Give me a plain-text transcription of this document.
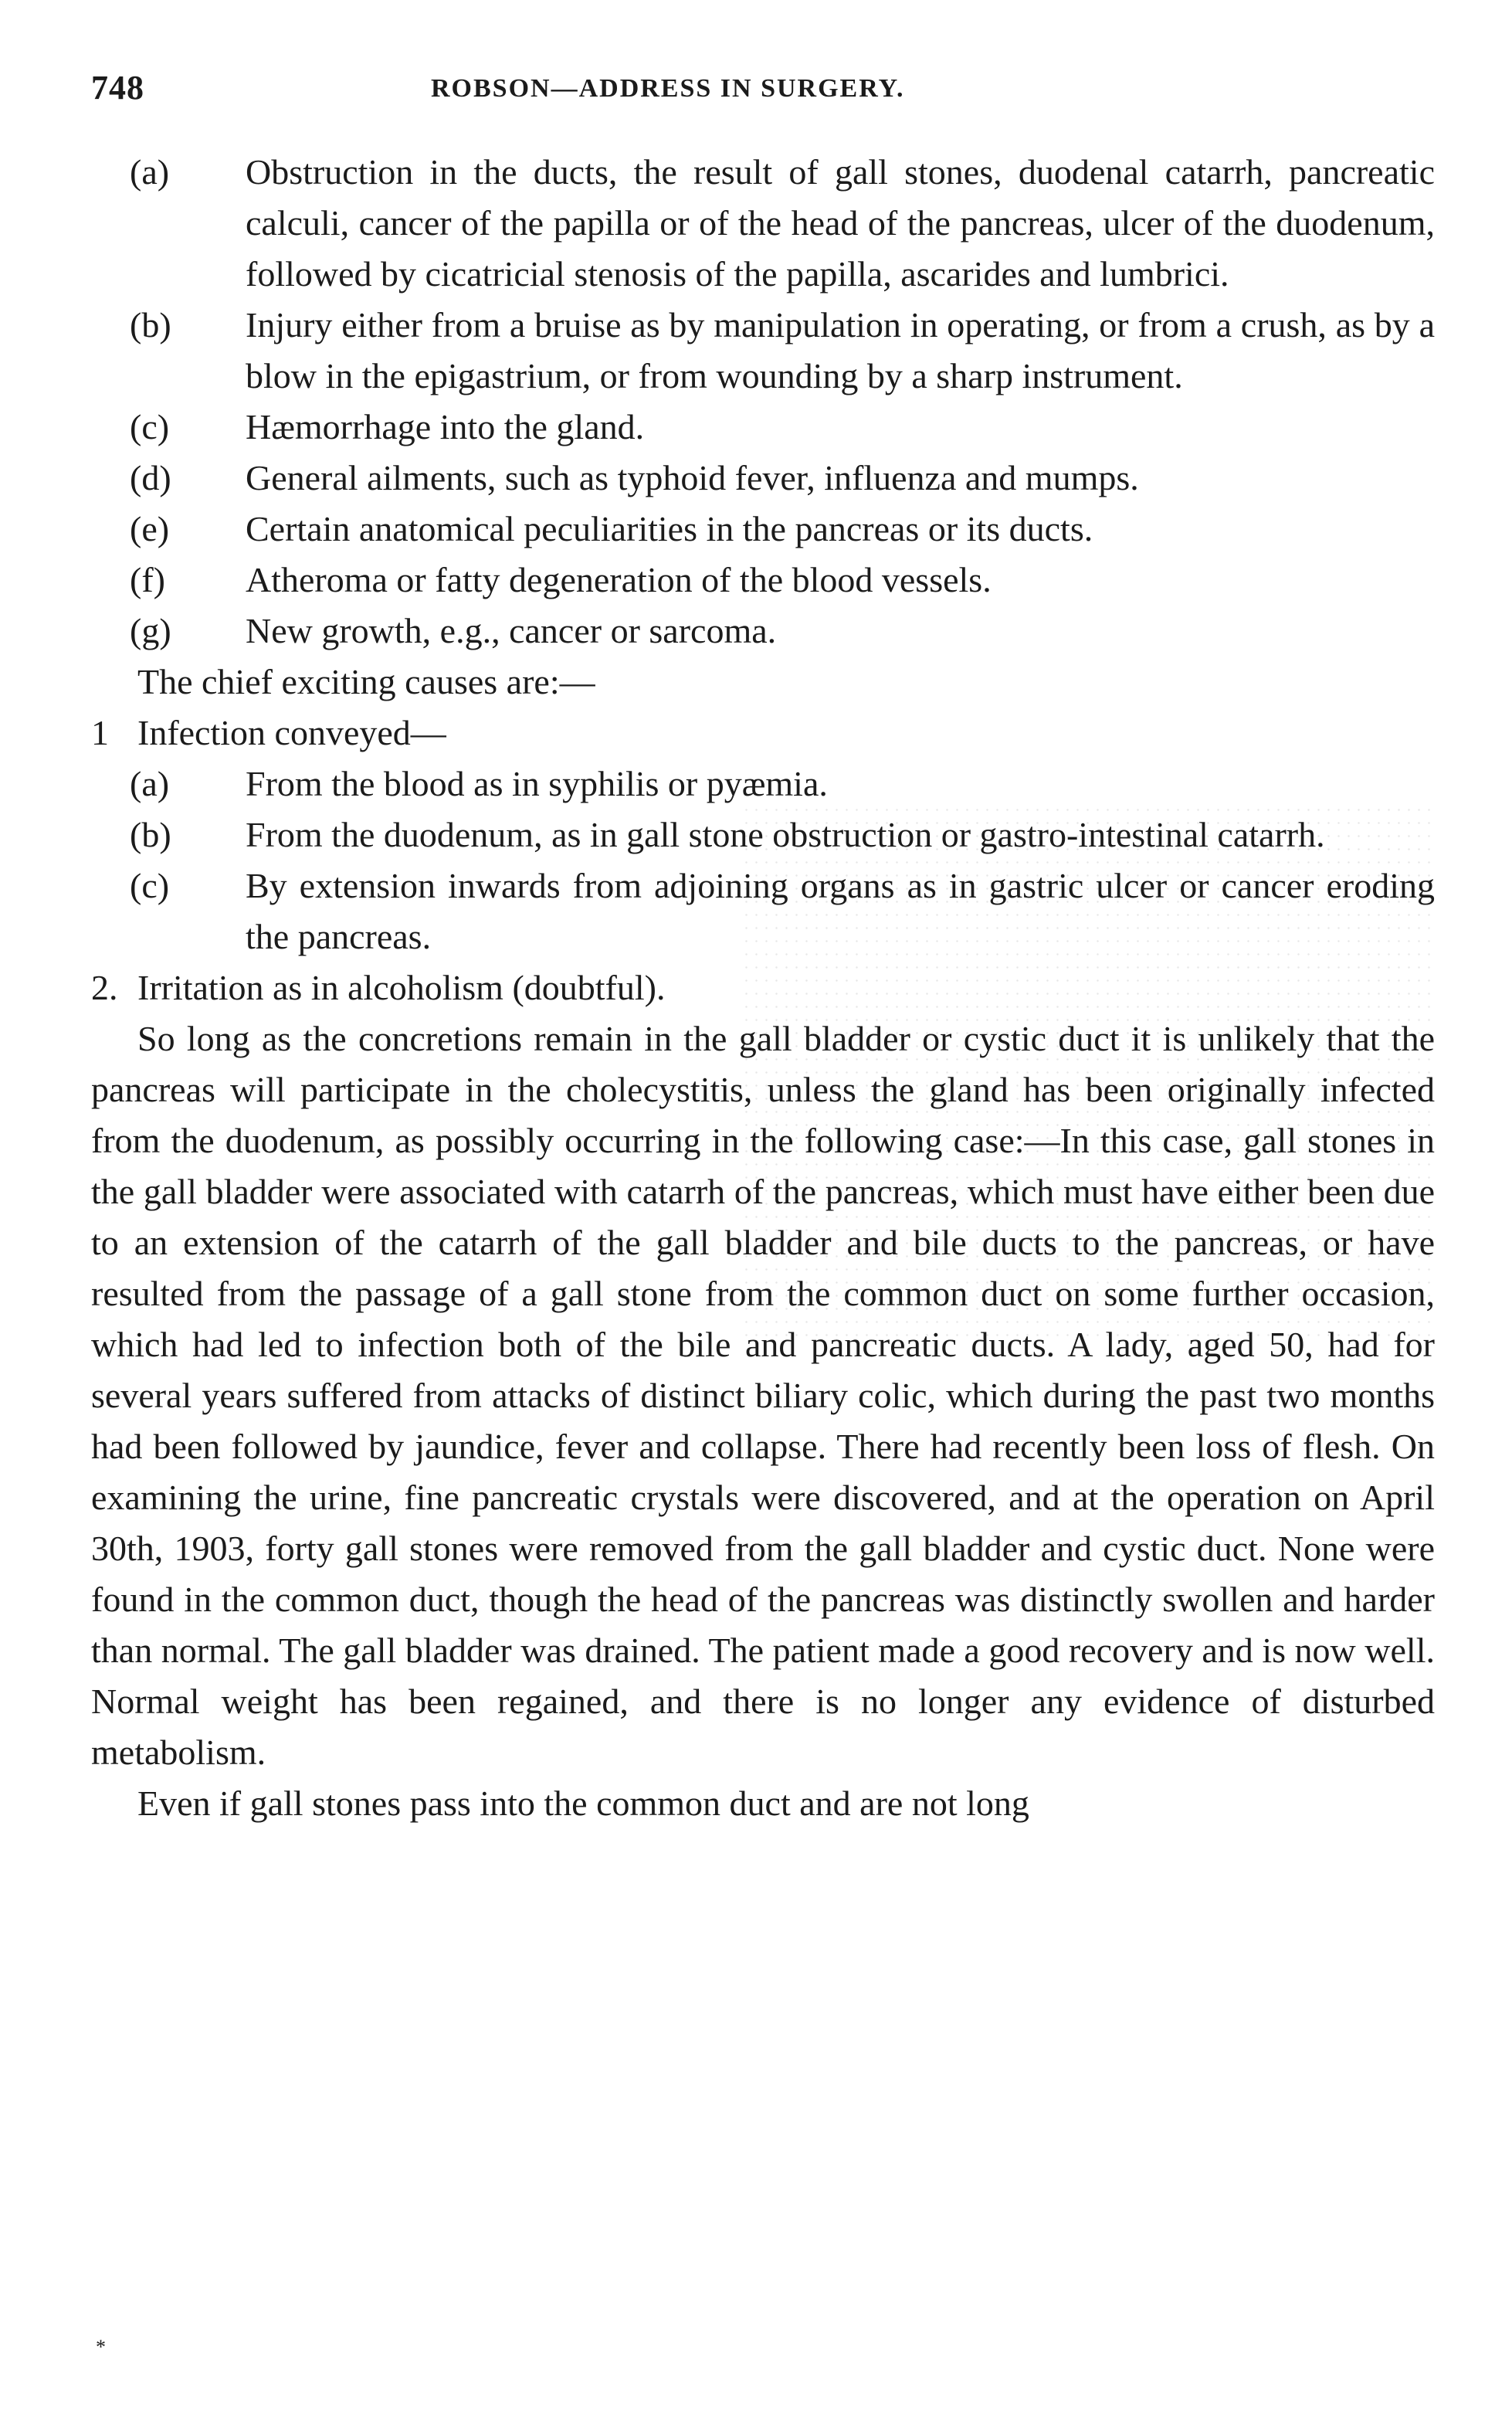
748	ROBSON—ADDRESS IN SURGERY.
(a) Obstruction in the ducts, the result of gall stones, duodenal catarrh, pancreatic calculi, cancer of the papilla or of the head of the pancreas, ulcer of the duodenum, followed by cicatricial stenosis of the papilla, ascarides and lumbrici.
(b) Injury either from a bruise as by manipulation in operating, or from a crush, as by a blow in the epigastrium, or from wounding by a sharp instrument.
(c) Hæmorrhage into the gland.
(d) General ailments, such as typhoid fever, influenza and mumps.
(e) Certain anatomical peculiarities in the pancreas or its ducts.
(f) Atheroma or fatty degeneration of the blood vessels.
(g) New growth, e.g., cancer or sarcoma.
The chief exciting causes are:—
1 Infection conveyed—
(a) From the blood as in syphilis or pyæmia.
(b) From the duodenum, as in gall stone obstruction or gastro-intestinal catarrh.
(c) By extension inwards from adjoining organs as in gastric ulcer or cancer eroding the pancreas.
2. Irritation as in alcoholism (doubtful).

So long as the concretions remain in the gall bladder or cystic duct it is unlikely that the pancreas will participate in the cholecystitis, unless the gland has been originally infected from the duodenum, as possibly occurring in the following case:—In this case, gall stones in the gall bladder were associated with catarrh of the pancreas, which must have either been due to an extension of the catarrh of the gall bladder and bile ducts to the pancreas, or have resulted from the passage of a gall stone from the common duct on some further occasion, which had led to infection both of the bile and pancreatic ducts. A lady, aged 50, had for several years suffered from attacks of distinct biliary colic, which during the past two months had been followed by jaundice, fever and collapse. There had recently been loss of flesh. On examining the urine, fine pancreatic crystals were discovered, and at the operation on April 30th, 1903, forty gall stones were removed from the gall bladder and cystic duct. None were found in the common duct, though the head of the pancreas was distinctly swollen and harder than normal. The gall bladder was drained. The patient made a good recovery and is now well. Normal weight has been regained, and there is no longer any evidence of disturbed metabolism.

Even if gall stones pass into the common duct and are not long

*
